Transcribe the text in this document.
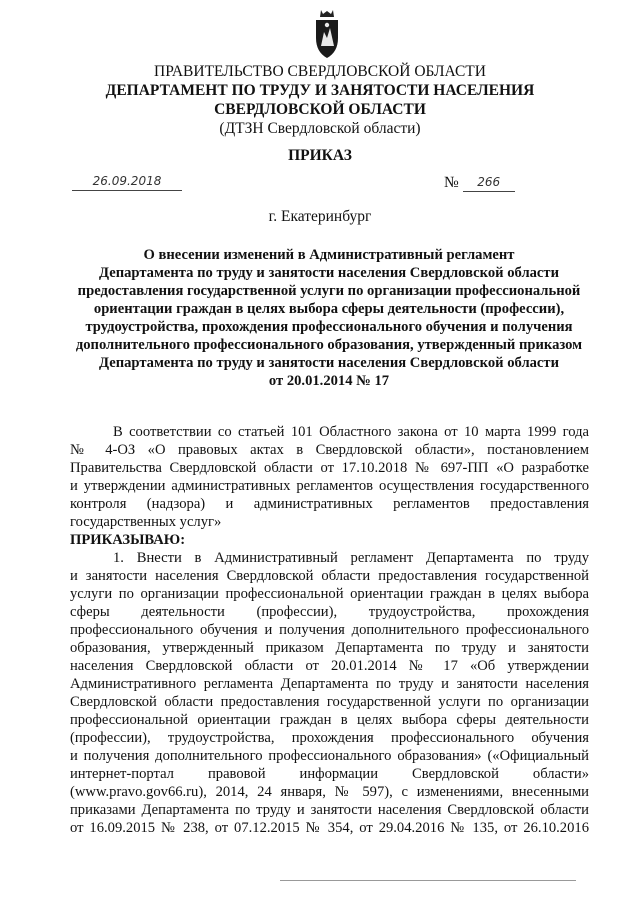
ПРАВИТЕЛЬСТВО СВЕРДЛОВСКОЙ ОБЛАСТИ
ДЕПАРТАМЕНТ ПО ТРУДУ И ЗАНЯТОСТИ НАСЕЛЕНИЯ
СВЕРДЛОВСКОЙ ОБЛАСТИ
(ДТЗН Свердловской области)
ПРИКАЗ
26.09.2018	№ 266
г. Екатеринбург
О внесении изменений в Административный регламент
Департамента по труду и занятости населения Свердловской области
предоставления государственной услуги по организации профессиональной
ориентации граждан в целях выбора сферы деятельности (профессии),
трудоустройства, прохождения профессионального обучения и получения
дополнительного профессионального образования, утвержденный приказом
Департамента по труду и занятости населения Свердловской области
от 20.01.2014 № 17
В соответствии со статьей 101 Областного закона от 10 марта 1999 года
№ 4-ОЗ «О правовых актах в Свердловской области», постановлением
Правительства Свердловской области от 17.10.2018 № 697-ПП «О разработке
и утверждении административных регламентов осуществления государственного
контроля (надзора) и административных регламентов предоставления
государственных услуг»
ПРИКАЗЫВАЮ:
1. Внести в Административный регламент Департамента по труду
и занятости населения Свердловской области предоставления государственной
услуги по организации профессиональной ориентации граждан в целях выбора
сферы деятельности (профессии), трудоустройства, прохождения
профессионального обучения и получения дополнительного профессионального
образования, утвержденный приказом Департамента по труду и занятости
населения Свердловской области от 20.01.2014 № 17 «Об утверждении
Административного регламента Департамента по труду и занятости населения
Свердловской области предоставления государственной услуги по организации
профессиональной ориентации граждан в целях выбора сферы деятельности
(профессии), трудоустройства, прохождения профессионального обучения
и получения дополнительного профессионального образования» («Официальный
интернет-портал правовой информации Свердловской области»
(www.pravo.gov66.ru), 2014, 24 января, № 597), с изменениями, внесенными
приказами Департамента по труду и занятости населения Свердловской области
от 16.09.2015 № 238, от 07.12.2015 № 354, от 29.04.2016 № 135, от 26.10.2016
